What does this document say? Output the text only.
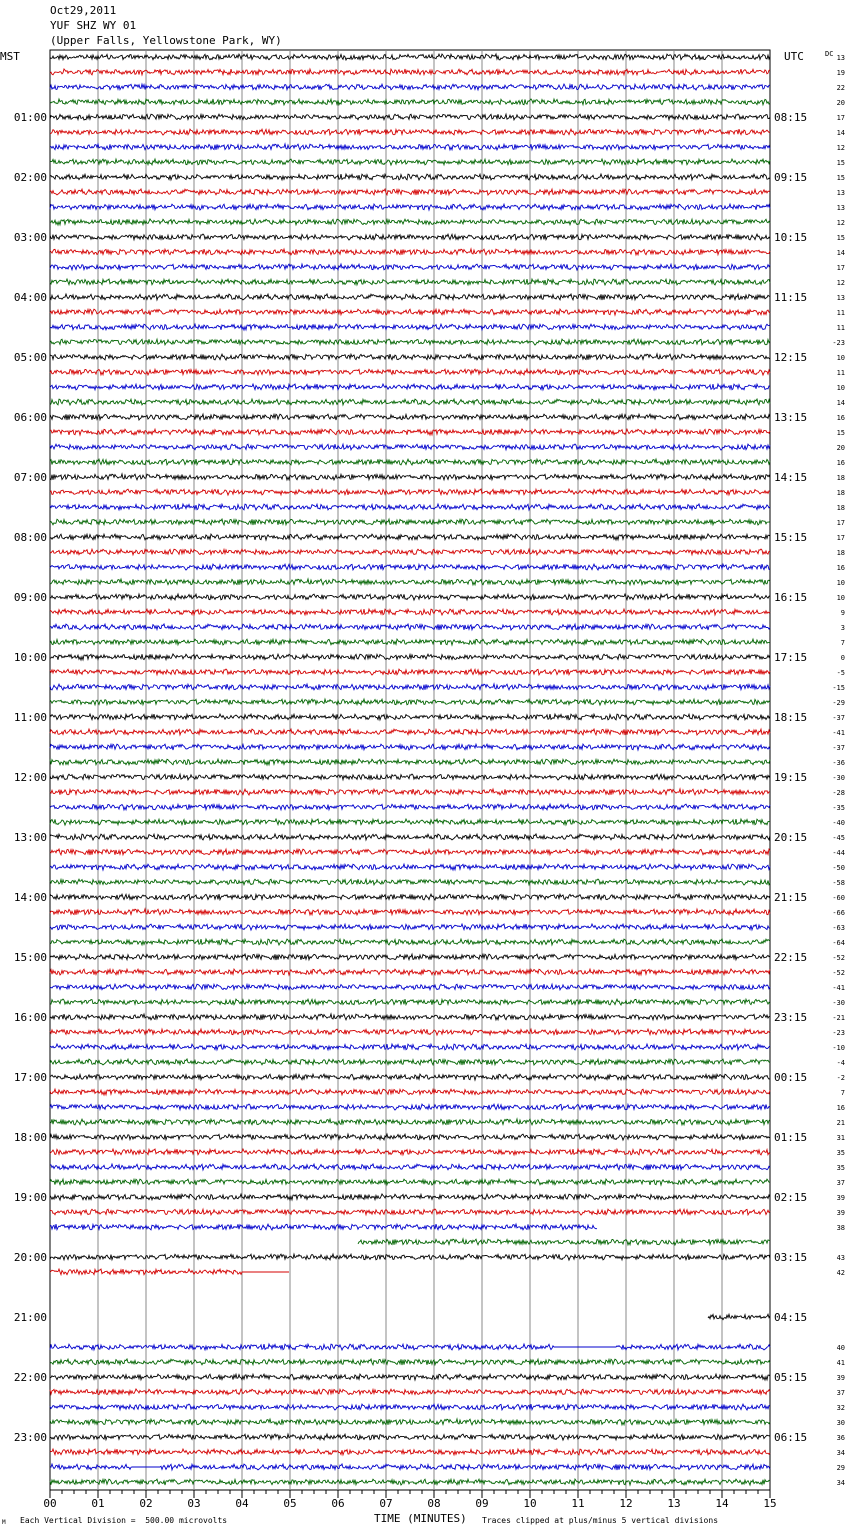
Oct29,2011
YUF SHZ WY 01
(Upper Falls, Yellowstone Park, WY)
MST	UTC	DC
00	01	02	03	04	05	06	07	08	09	10	11	12	13	14	15
13
19
22
20
17
14
12
15
15
13
13
12
15
14
17
12
13
11
11
-23
10
11
10
14
16
15
20
16
18
18
18
17
17
18
16
10
10
9
3
7
0
-5
-15
-29
-37
-41
-37
-36
-30
-28
-35
-40
-45
-44
-50
-58
-60
-66
-63
-64
-52
-52
-41
-30
-21
-23
-10
-4
-2
7
16
21
31
35
35
37
39
39
38
43
42
40
41
39
37
32
30
36
34
29
34
01:00	08:15
02:00	09:15
03:00	10:15
04:00	11:15
05:00	12:15
06:00	13:15
07:00	14:15
08:00	15:15
09:00	16:15
10:00	17:15
11:00	18:15
12:00	19:15
13:00	20:15
14:00	21:15
15:00	22:15
16:00	23:15
17:00	00:15
18:00	01:15
19:00	02:15
20:00	03:15
21:00	04:15
22:00	05:15
23:00	06:15
M Each Vertical Division =  500.00 microvolts	TIME (MINUTES) Traces clipped at plus/minus 5 vertical divisions
